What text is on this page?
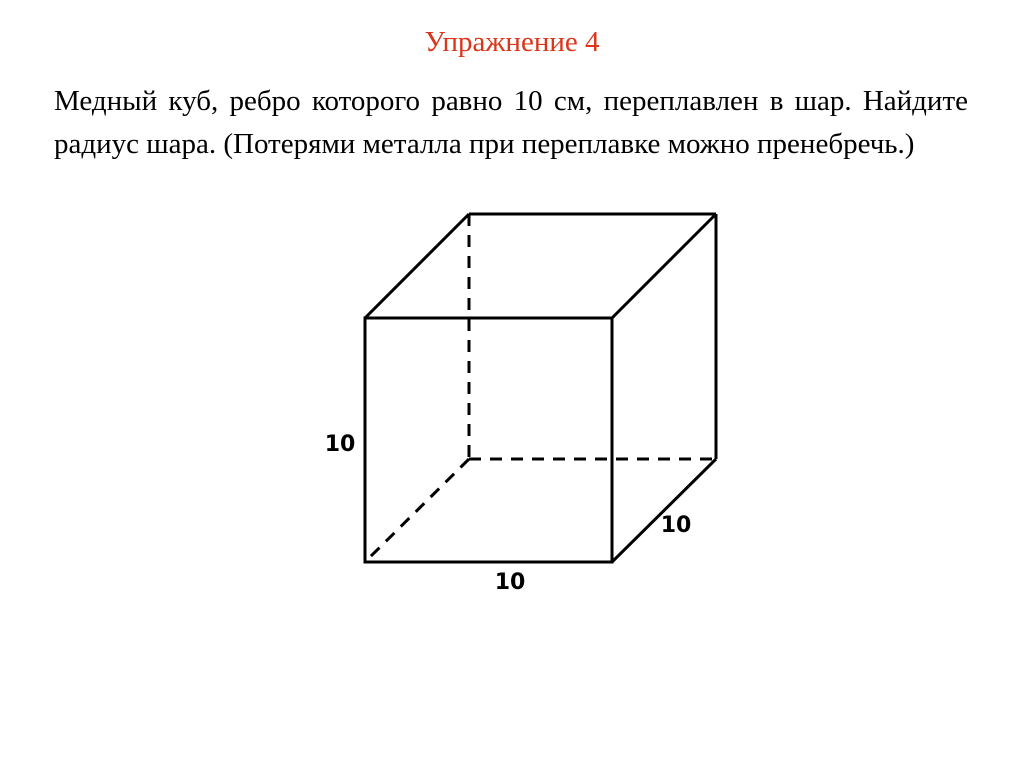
Упражнение 4

Медный куб, ребро которого равно 10 см, переплавлен в шар. Найдите радиус шара. (Потерями металла при переплавке можно пренебречь.)

10
10
10
